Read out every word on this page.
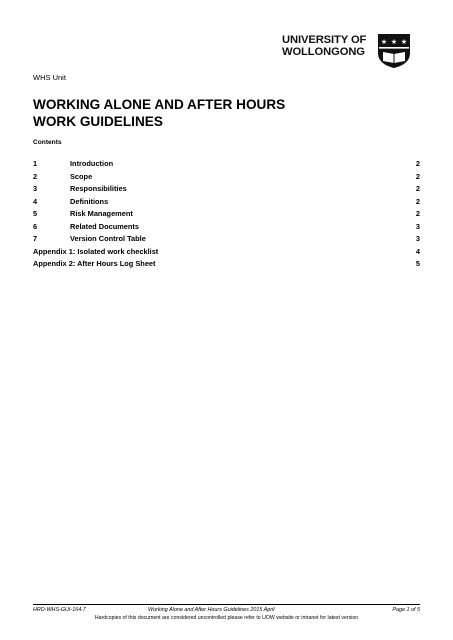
UNIVERSITY OF
WOLLONGONG
★ ★ ★
WHS Unit
WORKING ALONE AND AFTER HOURS
WORK GUIDELINES
Contents
1	Introduction	2
2	Scope	2
3	Responsibilities	2
4	Definitions	2
5	Risk Management	2
6	Related Documents	3
7	Version Control Table	3
Appendix 1: Isolated work checklist	4
Appendix 2: After Hours Log Sheet	5
HRD-WHS-GUI-164.7	Working Alone and After Hours Guidelines 2015 April	Page 1 of 5
Hardcopies of this document are considered uncontrolled please refer to UOW website or intranet for latest version
